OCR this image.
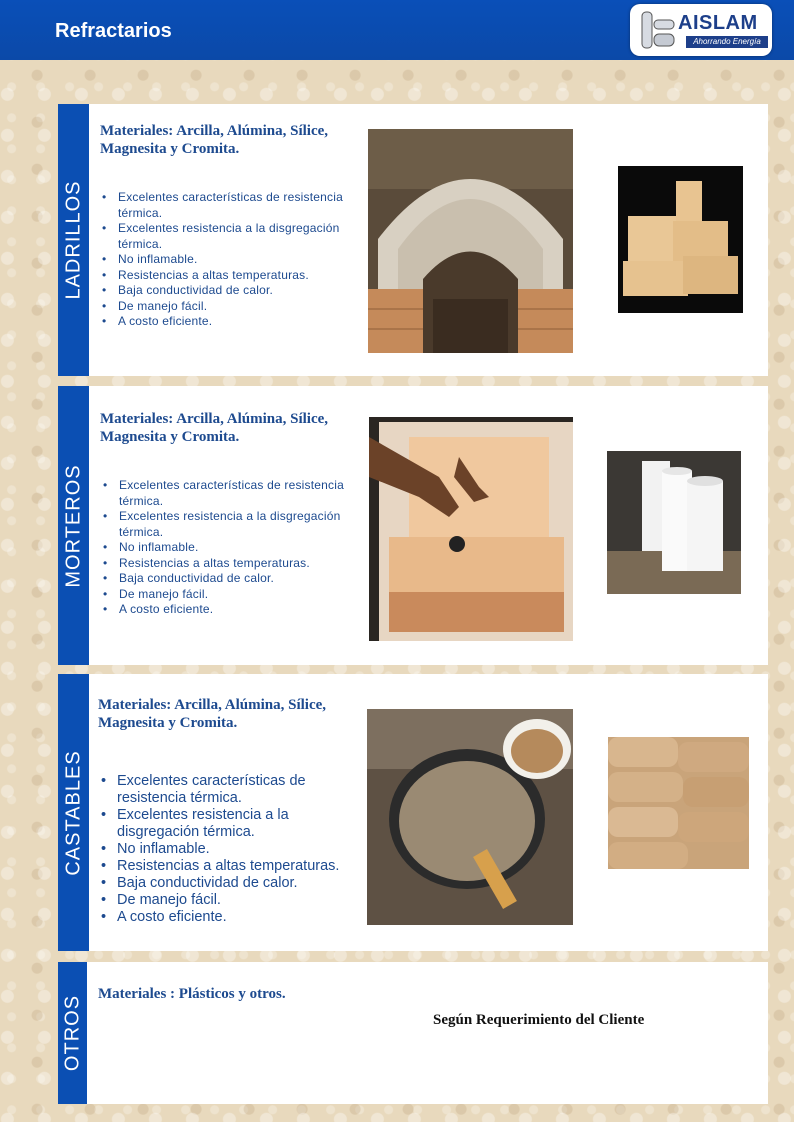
Refractarios	AISLAM
Ahorrando Energía
LADRILLOS
Materiales: Arcilla, Alúmina, Sílice, Magnesita y Cromita.
• Excelentes características de resistencia térmica.
• Excelentes resistencia a la disgregación térmica.
• No inflamable.
• Resistencias a altas temperaturas.
• Baja conductividad de calor.
• De manejo fácil.
• A costo eficiente.
MORTEROS
Materiales: Arcilla, Alúmina, Sílice, Magnesita y Cromita.
• Excelentes características de resistencia térmica.
• Excelentes resistencia a la disgregación térmica.
• No inflamable.
• Resistencias a altas temperaturas.
• Baja conductividad de calor.
• De manejo fácil.
• A costo eficiente.
CASTABLES
Materiales: Arcilla, Alúmina, Sílice, Magnesita y Cromita.
• Excelentes características de resistencia térmica.
• Excelentes resistencia a la disgregación térmica.
• No inflamable.
• Resistencias a altas temperaturas.
• Baja conductividad de calor.
• De manejo fácil.
• A costo eficiente.
OTROS
Materiales : Plásticos y otros.
Según Requerimiento del Cliente
